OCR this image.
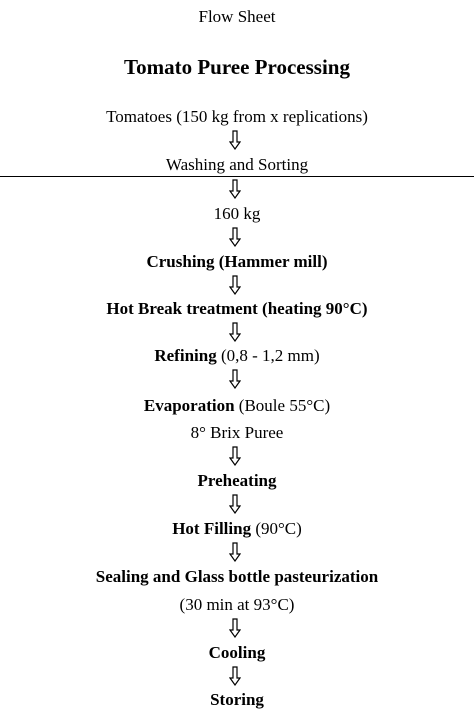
Flow Sheet
Tomato Puree Processing
Tomatoes (150 kg from x replications)
Washing and Sorting
160 kg
Crushing (Hammer mill)
Hot Break treatment (heating 90°C)
Refining (0,8 - 1,2 mm)
Evaporation (Boule 55°C)
8° Brix Puree
Preheating
Hot Filling (90°C)
Sealing and Glass bottle pasteurization
(30 min at 93°C)
Cooling
Storing
